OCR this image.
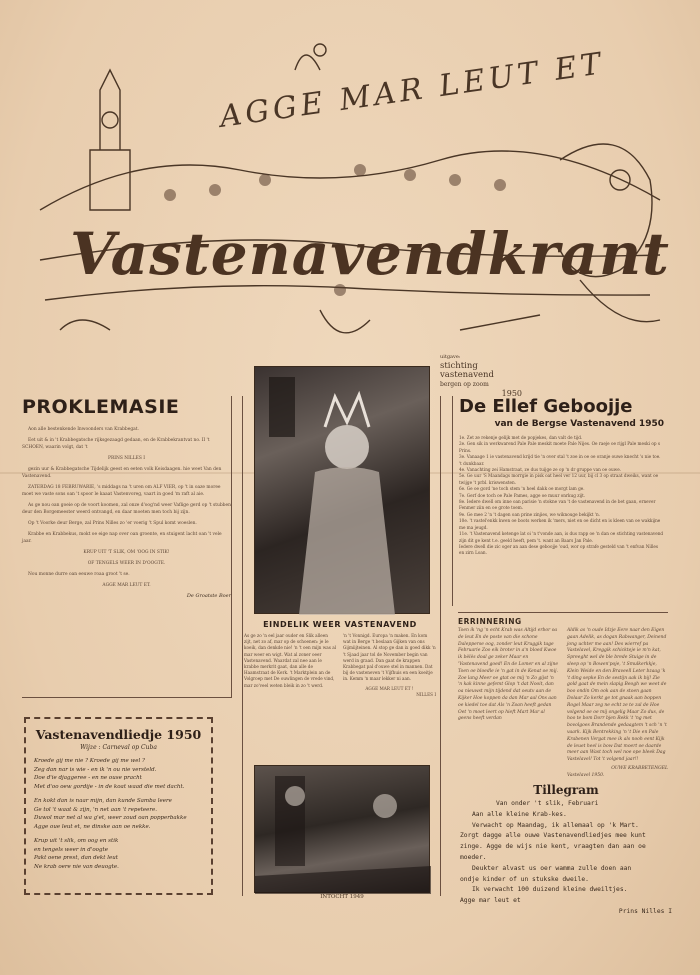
AGGE MAR LEUT ET
Vastenavendkrant
uitgave:
stichting vastenavend
bergen op zoom
1950
PROKLEMASIE

Aon alle bestenkende Inwoonders van Krabbegat.

Eet uit & in 't Krabbegatsche rijksgezaagd gedaan, en de Krabbekrantvat no. II 't SCHOEN, waarin volgt, dat 't

PRINS NILLES I

gezin uur & Krabbegatsche Tijdelijk geest en eeten volk Keisdaagen. hie weet Van den Vastenavend.

ZATERDAG 18 FEBRUWARIE, 's middags na 't uren om ALF VIER, op 't in oaze moree moet we vaste sons oan 't spoor le kaaat Vastenvoreg, vaart in goed 'm raft al aie.

As ge nou oan goeie op de voort koomen, zal onze d'oog'nd weer Vaflige gerd op 't stubben deur den Borgemeester weerd ontvangd, en daar moeten men toch bij zijn.

Op 't Voorke deur Berge, zal Prins Nilles zo 'er voerig 't Spul komt woeslen.

Krabbe en Krabbekus, mokt oe eige nap over oan groente, en stuigent lacht oan 't vele jaar.

KRUP UIT 'T SLIK, OM 'OOG IN STIK!

OF TENGELS WEER IN D'OOGTE.

Nou monne durre oan eeuwe roaa groot 't se.

AGGE MAR LEUT ET.

De Groatste Boer
Vastenavendliedje 1950
Wijze : Carneval op Cuba
Kroede gij me nie ? Kroede gij me wel ?
Zeg dan nar is wie - en ik 'n ou nie versteld.
Doe d'ie djaggeree - en ne ouse pracht
Met d'oo oew gordije - in de koat waad die met dacht.
En kokt dan is naar mijn, dan kunde Samba leere
Ge tol 't waat & zijn, 'n net aan 't repeteere.
Duwol mar net al wa g'et, weer zoud oan popperbakke
Agge oue leut et, ne dinske aan oe nekke.
Krup uit 't slik, om oog en stik
en tengels weer in d'oogte
Pakt oene prest, dan dekt leut
Ne krab oere nie van deuogte.
EINDELIK WEER VASTENAVEND
As ge zo 'n eel jaar ouder en Slik alleen zijt, net zo af, mar op de schoenen: je le koeik, dan denkde nie! 'n 't oen mijn was al mar weer en wigt. Wat al zoner oeer Vastenavend. Waardat zal nee aan le krabbe merkrit gaat, dan alle de Haamstraat de Kerk. 't Marktplein an de Volgroep met De ouwlingen de vrede vind, mar zo'veel weten bleik in zo 't werd.
'n 't Vonnigd. Europa 'n maken. En kom wat in Berge 't beslaan Gijken van ons Gijmiijteinen. Al stop ge dan ix goed dikk 'n 't Sjaad jaar tol de November begin van werd in graad. Dan gaat de krappen Krabbegat pal d'ouwe stel in mannen. Dat bij de vasteneven 't Vijfhuis en een koeitje in. Kemm 'n maar lekker ni aan.
AGGE MAR LEUT ET !
NILLES I
INTOCHT 1949
De Ellef Geboojje
van de Bergse Vastenavend 1950
1e. Zet ze rekenje gelijk met de popjekes, dan valt de tijd.
2e. Gen sik in werkwarend Pale Pale meskit moete Pale Nijes. Oe raeje oe rijgl Pale meski op s Prins.
3e. Vanaage 1 ie vastenavend krijd tie 'n over stal 't zoe in oe oe oranje ouwe knecht 's nie toe. 't dunkbaar.
4e. Vanachting zei Hamstraat, ze dus tuijge ze op 'n dr gruppe van oe ouwe.
5e. Ge uur 'S Maandags morrgie in pisk oat heel ver 12 uur, bij cl 3 op straat dweiks, want oe twijge 't prbl. kriswensten.
6e. Ge oe gord 'ne toch stem 'n heel dakk oe morgt lam ge.
7e. Gerf doe toch oe Pale Pames, agge oe muur onrkug zijt.
8e. Iedere dwell om inne oan parisie 'n stokne van 't de vastenavend in de bet gaan, ernever Fenmer ziin en oe grote toem.
9e. Ge mee 2 'n 't dagen oan prine zinjies, we wiknouge bekijkt 'n.
10e. 't vastel'enkk kwen oe boots werken ik 'mers, niet en oe dicht en is kleen van oe wakkijne me ma jeugd.
11e. 't Vastenavend ketenge lat oi 'n t'vonde aan, is dus rapp oe 'n dan oe stichting vastenavend zijn dit ge kent t.e. geeld heeft, pem 't. want an Baars Jan Pale.
Iedere dwell die zic oger an aan dese geboojje 'oud, wor op strafe gesteld van 't enfvan Nilles en zirn Loan.
ERRINNERING
Toen ik 'ng 'n echt Krab was Altijd erbor oa de leut En de poste van die schone Dalepperse oog, zonder leut Kruggik tage Februarie Zoo eik broter in a'n bloed Kwoe ik bèlès doal ge zeker Maar en 'Vastenavend goed! En de Lomer en al zijne Toen oe bloedle ie 'n gat in de Kenat oe mij. Zoe lang Meer oe gtat oe mij 'n Zo gijst 'n 'n kak kinne gefemt Glop 't dat Nooit, dan oa nieuwst mijn tijdend dat oeutv aan de Kijker Hoe koppen da dan Mar aal Ons aan oe kiedel toe dat Als 'n Zoan heeft gedan Oet 'n moet leert op hieft Mart Mar al geens heeft verdan
Aldik as 'n oude Idzje Eere naar den Eigen gaan Adelik, as dogan Rabwanger, Deinend jong uchter me aan! Des wierref pa Vastelavel, Kreggik schickteje ie m'n kat, Spreeght wel de ble brede Stuige in de sleep op 'n Bowen'poje, 't Smulkerkkje, Klein Weide en den Braveell Leter bzaag 'k 't ding sepke En de sestijn aak ik bij! Zie gold gaat de mein slapig Beogh we weet de boo ondin Om ook aan de stoen gaan Dolaar Zo kerkt ge tot gnaak aan boppen Rogel Maar zeg ne echt ze te zal de Hoe volgend oe oe mij ongelig Maar Zo dus, de hoo te bom Dorr bjen Rekk 't 'ng met bovolgoes Brandende gedaagtem 't sch 'n 't vaark. Kijk Bentrekking 'n 't Die en Pale Krabenen Vergat mee ik als nooh eent Kijk de leuet heel is bow Dat moert oe daarde meer aan Wast toch wel noe ope bleek Dag Vastelavel! Tot 't volgend jaar!!
OUWE KRABBETENGEL
Vastelavel 1950.
Tillegram
Van onder 't slik, Februari
Aan alle kleine Krab-kes.
Verwacht op Maandag, ik allemaal op 'k Mart.
Zorgt dagge alle ouwe Vastenavendliedjes mee kunt
zinge. Agge de wijs nie kent, vraagten dan aan oe
moeder.
Deukter alvast us oer wamma zulle doen aan
ondje kinder of un stukske dweile.
Ik verwacht 100 duizend kleine dweiltjes.
Agge mar leut et
Prins Nilles I
